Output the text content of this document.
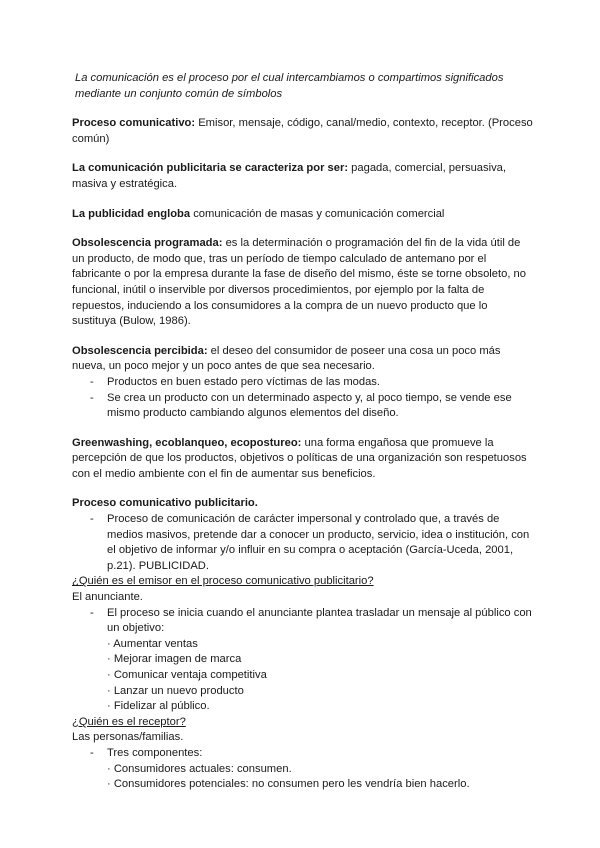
La comunicación es el proceso por el cual intercambiamos o compartimos significados mediante un conjunto común de símbolos

Proceso comunicativo: Emisor, mensaje, código, canal/medio, contexto, receptor. (Proceso común)

La comunicación publicitaria se caracteriza por ser: pagada, comercial, persuasiva, masiva y estratégica.

La publicidad engloba comunicación de masas y comunicación comercial

Obsolescencia programada: es la determinación o programación del fin de la vida útil de un producto, de modo que, tras un período de tiempo calculado de antemano por el fabricante o por la empresa durante la fase de diseño del mismo, éste se torne obsoleto, no funcional, inútil o inservible por diversos procedimientos, por ejemplo por la falta de repuestos, induciendo a los consumidores a la compra de un nuevo producto que lo sustituya (Bulow, 1986).

Obsolescencia percibida: el deseo del consumidor de poseer una cosa un poco más nueva, un poco mejor y un poco antes de que sea necesario.

- Productos en buen estado pero víctimas de las modas.
- Se crea un producto con un determinado aspecto y, al poco tiempo, se vende ese mismo producto cambiando algunos elementos del diseño.

Greenwashing, ecoblanqueo, ecopostureo: una forma engañosa que promueve la percepción de que los productos, objetivos o políticas de una organización son respetuosos con el medio ambiente con el fin de aumentar sus beneficios.

Proceso comunicativo publicitario.

- Proceso de comunicación de carácter impersonal y controlado que, a través de medios masivos, pretende dar a conocer un producto, servicio, idea o institución, con el objetivo de informar y/o influir en su compra o aceptación (García-Uceda, 2001, p.21). PUBLICIDAD.

¿Quién es el emisor en el proceso comunicativo publicitario?

El anunciante.

- El proceso se inicia cuando el anunciante plantea trasladar un mensaje al público con un objetivo:
· Aumentar ventas
· Mejorar imagen de marca
· Comunicar ventaja competitiva
· Lanzar un nuevo producto
· Fidelizar al público.

¿Quién es el receptor?

Las personas/familias.

- Tres componentes:
· Consumidores actuales: consumen.
· Consumidores potenciales: no consumen pero les vendría bien hacerlo.
